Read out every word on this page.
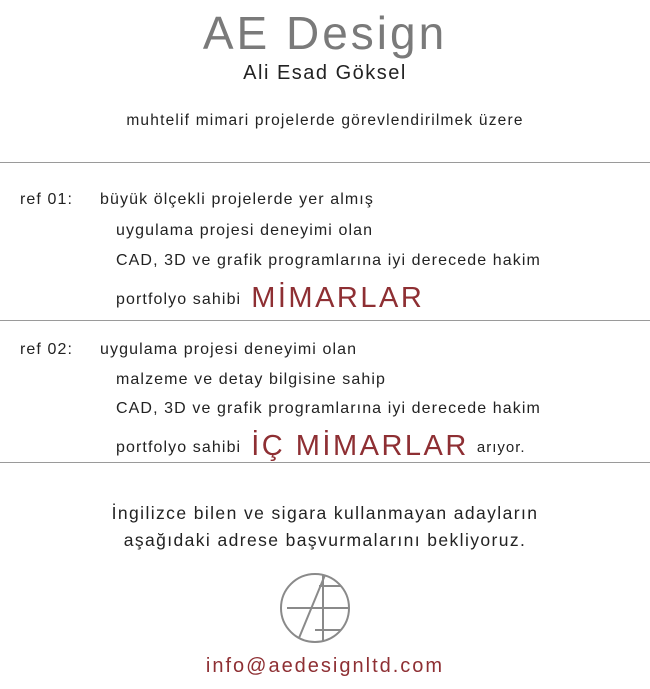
AE Design
Ali Esad Göksel
muhtelif mimari projelerde görevlendirilmek üzere
ref 01: büyük ölçekli projelerde yer almış
uygulama projesi deneyimi olan
CAD, 3D ve grafik programlarına iyi derecede hakim
portfolyo sahibi MİMARLAR
ref 02: uygulama projesi deneyimi olan
malzeme ve detay bilgisine sahip
CAD, 3D ve grafik programlarına iyi derecede hakim
portfolyo sahibi İÇ MİMARLAR arıyor.
İngilizce bilen ve sigara kullanmayan adayların
aşağıdaki adrese başvurmalarını bekliyoruz.
info@aedesignltd.com
